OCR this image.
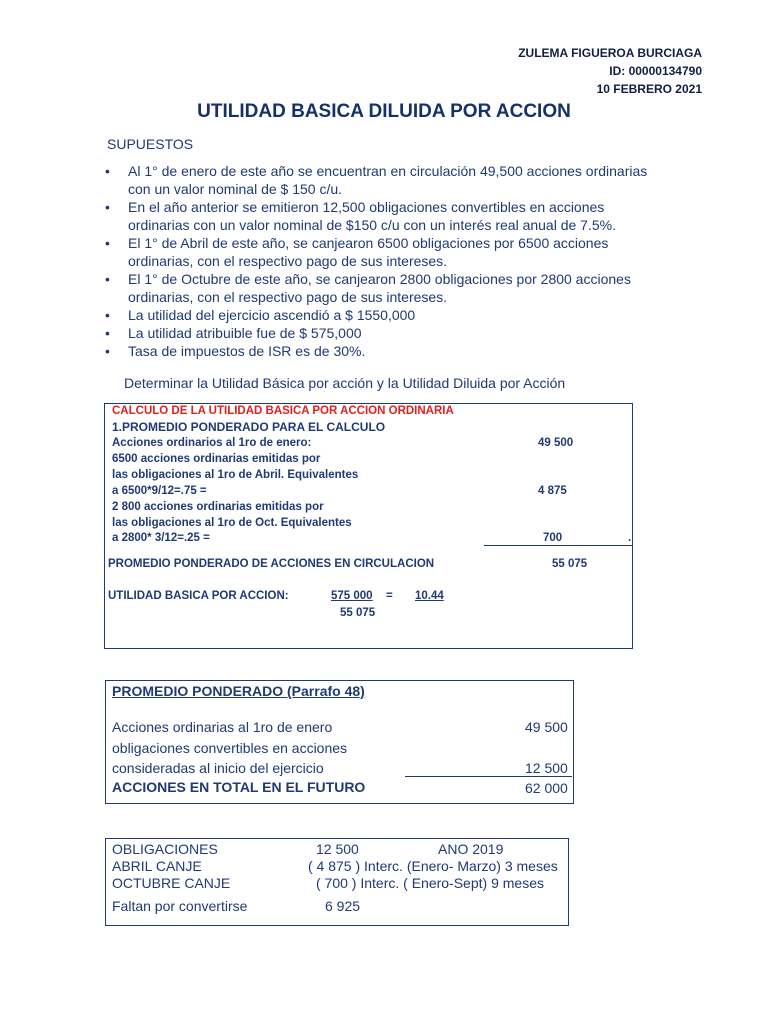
ZULEMA FIGUEROA BURCIAGA
ID: 00000134790
10 FEBRERO 2021
UTILIDAD BASICA DILUIDA POR ACCION
SUPUESTOS
• Al 1° de enero de este año se encuentran en circulación 49,500 acciones ordinarias
con un valor nominal de $ 150 c/u.
• En el año anterior se emitieron 12,500 obligaciones convertibles en acciones
ordinarias con un valor nominal de $150 c/u con un interés real anual de 7.5%.
• El 1° de Abril de este año, se canjearon 6500 obligaciones por 6500 acciones
ordinarias, con el respectivo pago de sus intereses.
• El 1° de Octubre de este año, se canjearon 2800 obligaciones por 2800 acciones
ordinarias, con el respectivo pago de sus intereses.
• La utilidad del ejercicio ascendió a $ 1550,000
• La utilidad atribuible fue de $ 575,000
• Tasa de impuestos de ISR es de 30%.
Determinar la Utilidad Básica por acción y la Utilidad Diluida por Acción
CALCULO DE LA UTILIDAD BASICA POR ACCION ORDINARIA
1.PROMEDIO PONDERADO PARA EL CALCULO
Acciones ordinarios al 1ro de enero:	49 500
6500 acciones ordinarias emitidas por
las obligaciones al 1ro de Abril. Equivalentes
a 6500*9/12=.75 =	4 875
2 800 acciones ordinarias emitidas por
las obligaciones al 1ro de Oct. Equivalentes
a 2800* 3/12=.25 =	700	.
PROMEDIO PONDERADO DE ACCIONES EN CIRCULACION	55 075
UTILIDAD BASICA POR ACCION:	575 000 = 10.44
55 075
PROMEDIO PONDERADO (Parrafo 48)
Acciones ordinarias al 1ro de enero	49 500
obligaciones convertibles en acciones
consideradas al inicio del ejercicio	12 500
ACCIONES EN TOTAL EN EL FUTURO	62 000
OBLIGACIONES	12 500	ANO 2019
ABRIL CANJE	( 4 875 ) Interc. (Enero- Marzo) 3 meses
OCTUBRE CANJE	( 700 ) Interc. ( Enero-Sept) 9 meses
Faltan por convertirse	6 925
